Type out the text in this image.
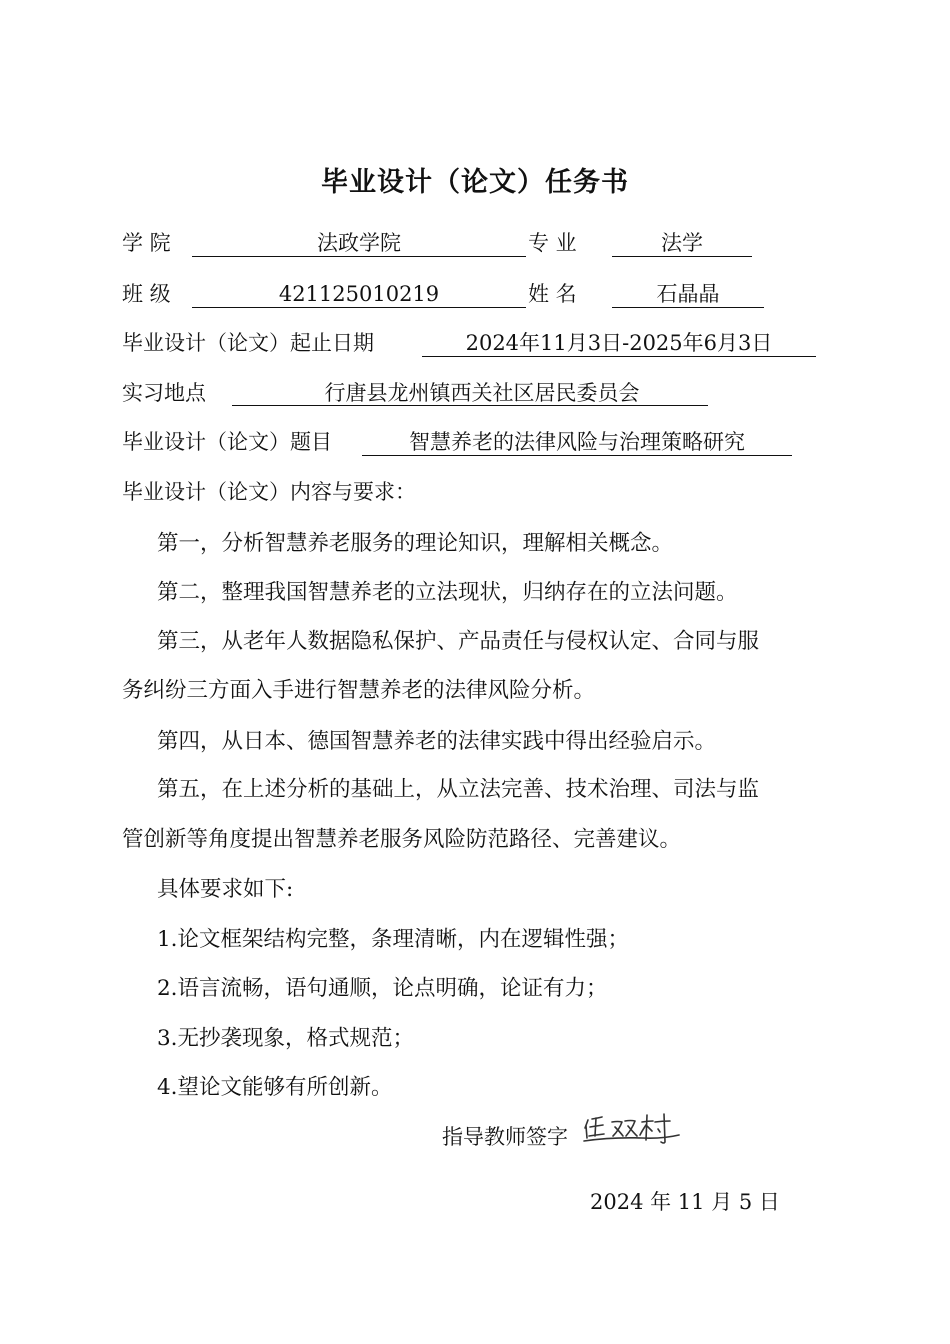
毕业设计（论文）任务书
学 院	法政学院	专 业	法学
班 级	421125010219	姓 名	石晶晶
毕业设计（论文）起止日期	2024年11月3日-2025年6月3日
实习地点	行唐县龙州镇西关社区居民委员会
毕业设计（论文）题目	智慧养老的法律风险与治理策略研究
毕业设计（论文）内容与要求：
第一，分析智慧养老服务的理论知识，理解相关概念。
第二，整理我国智慧养老的立法现状，归纳存在的立法问题。
第三，从老年人数据隐私保护、产品责任与侵权认定、合同与服
务纠纷三方面入手进行智慧养老的法律风险分析。
第四，从日本、德国智慧养老的法律实践中得出经验启示。
第五，在上述分析的基础上，从立法完善、技术治理、司法与监
管创新等角度提出智慧养老服务风险防范路径、完善建议。
具体要求如下:
1.论文框架结构完整，条理清晰，内在逻辑性强；
2.语言流畅，语句通顺，论点明确，论证有力；
3.无抄袭现象，格式规范；
4.望论文能够有所创新。
指导教师签字
2024 年 11 月 5 日
